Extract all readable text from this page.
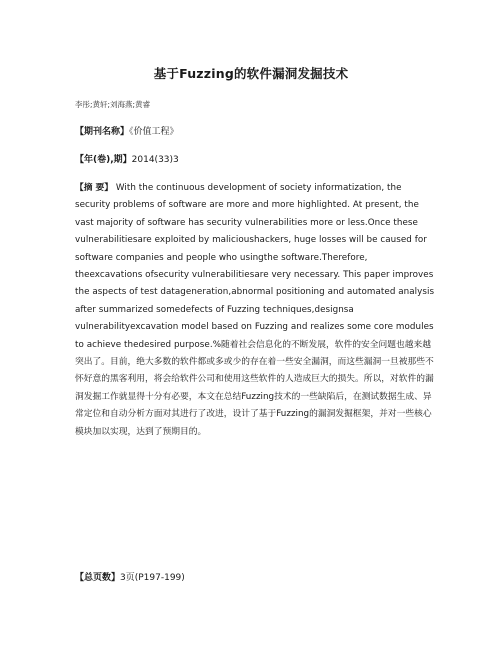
基于Fuzzing的软件漏洞发掘技术
李彤;黄轩;刘海燕;黄睿
【期刊名称】《价值工程》
【年(卷),期】2014(33)3

【摘 要】 With the continuous development of society informatization, the security problems of software are more and more highlighted. At present, the vast majority of software has security vulnerabilities more or less.Once these vulnerabilitiesare exploited by malicioushackers, huge losses will be caused for software companies and people who usingthe software.Therefore, theexcavations ofsecurity vulnerabilitiesare very necessary. This paper improves the aspects of test datageneration,abnormal positioning and automated analysis after summarized somedefects of Fuzzing techniques,designsa vulnerabilityexcavation model based on Fuzzing and realizes some core modules to achieve thedesired purpose.%随着社会信息化的不断发展，软件的安全问题也越来越突出了。目前，绝大多数的软件都或多或少的存在着一些安全漏洞，而这些漏洞一旦被那些不怀好意的黑客利用，将会给软件公司和使用这些软件的人造成巨大的损失。所以，对软件的漏洞发掘工作就显得十分有必要，本文在总结Fuzzing技术的一些缺陷后，在测试数据生成、异常定位和自动分析方面对其进行了改进，设计了基于Fuzzing的漏洞发掘框架，并对一些核心模块加以实现，达到了预期目的。

【总页数】3页(P197-199)
